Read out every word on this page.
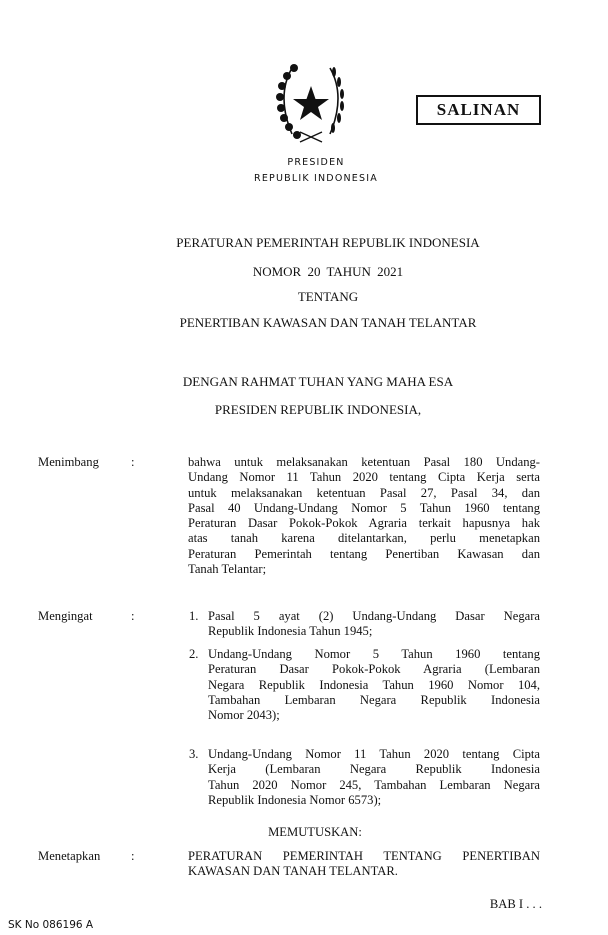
SALINAN
PRESIDEN
REPUBLIK INDONESIA
PERATURAN PEMERINTAH REPUBLIK INDONESIA
NOMOR 20 TAHUN 2021
TENTANG
PENERTIBAN KAWASAN DAN TANAH TELANTAR
DENGAN RAHMAT TUHAN YANG MAHA ESA
PRESIDEN REPUBLIK INDONESIA,
Menimbang	:	bahwa untuk melaksanakan ketentuan Pasal 180 Undang-
Undang Nomor 11 Tahun 2020 tentang Cipta Kerja serta
untuk melaksanakan ketentuan Pasal 27, Pasal 34, dan
Pasal 40 Undang-Undang Nomor 5 Tahun 1960 tentang
Peraturan Dasar Pokok-Pokok Agraria terkait hapusnya hak
atas tanah karena ditelantarkan, perlu menetapkan
Peraturan Pemerintah tentang Penertiban Kawasan dan
Tanah Telantar;
Mengingat	:	1. Pasal 5 ayat (2) Undang-Undang Dasar Negara
Republik Indonesia Tahun 1945;
2. Undang-Undang Nomor 5 Tahun 1960 tentang
Peraturan Dasar Pokok-Pokok Agraria (Lembaran
Negara Republik Indonesia Tahun 1960 Nomor 104,
Tambahan Lembaran Negara Republik Indonesia
Nomor 2043);
3. Undang-Undang Nomor 11 Tahun 2020 tentang Cipta
Kerja (Lembaran Negara Republik Indonesia
Tahun 2020 Nomor 245, Tambahan Lembaran Negara
Republik Indonesia Nomor 6573);
MEMUTUSKAN:
Menetapkan :	PERATURAN PEMERINTAH TENTANG PENERTIBAN
KAWASAN DAN TANAH TELANTAR.
BAB I . . .
SK No 086196 A
